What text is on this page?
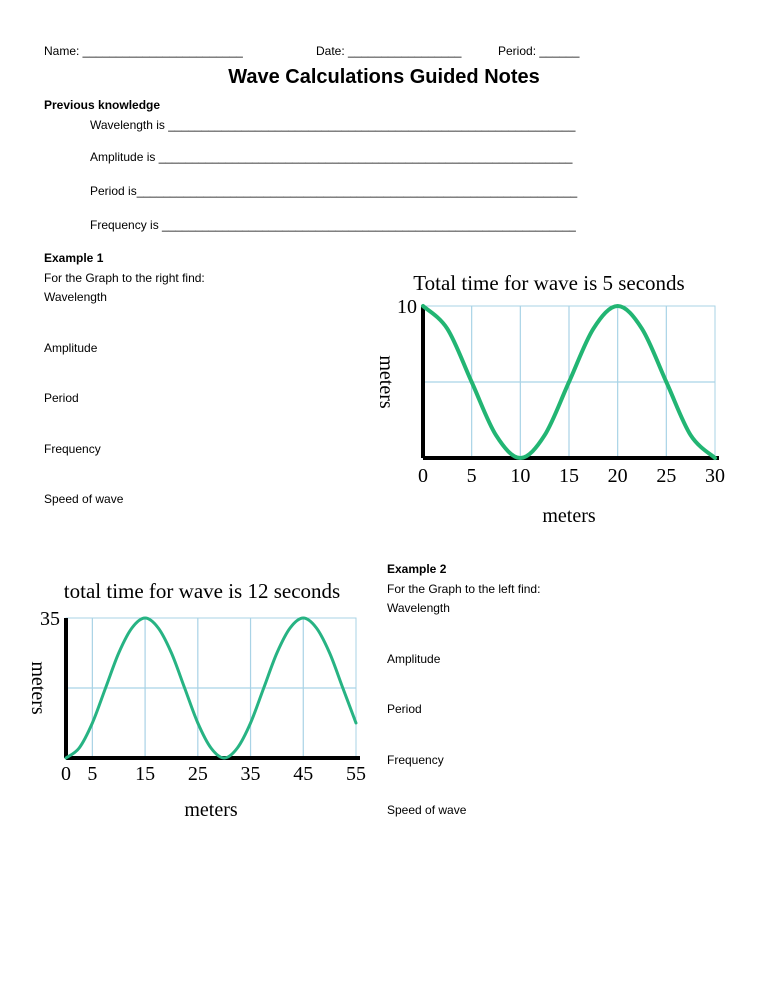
Name: ________________________	Date: _________________	Period: ______
Wave Calculations Guided Notes
Previous knowledge
Wavelength is _____________________________________________________________
Amplitude is ______________________________________________________________
Period is__________________________________________________________________
Frequency is ______________________________________________________________
Example 1
For the Graph to the right find:
Wavelength
Amplitude
Period
Frequency
Speed of wave
Example 2
For the Graph to the left find:
Wavelength
Amplitude
Period
Frequency
Speed of wave
0 5 10 15 20 25 30
10
Total time for wave is 5 seconds
meters
meters
0 5 15 25 35 45 55
35
total time for wave is 12 seconds
meters
meters
